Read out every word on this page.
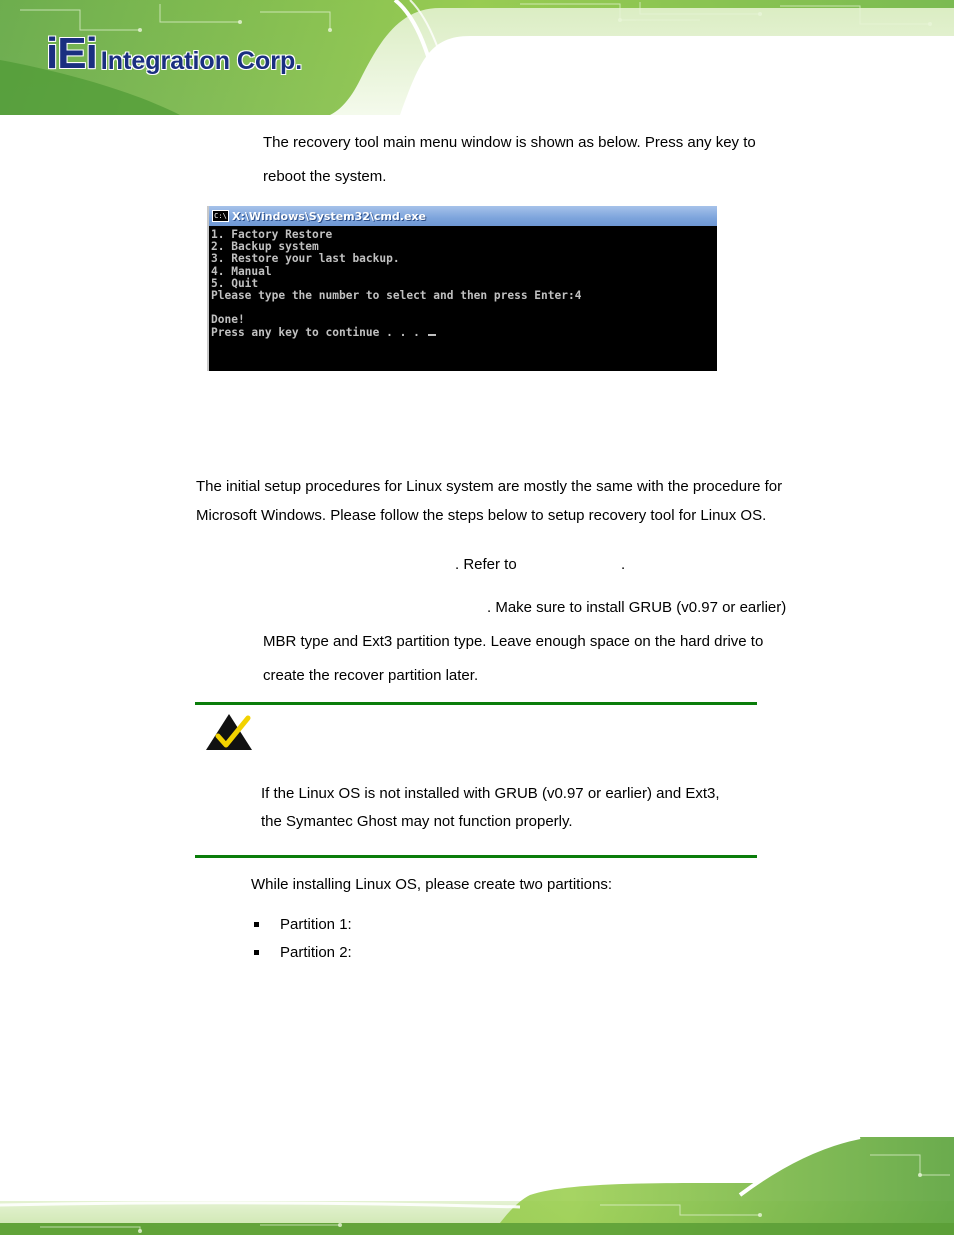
iEi Integration Corp.
The recovery tool main menu window is shown as below. Press any key to
reboot the system.
C:\ X:\Windows\System32\cmd.exe
1. Factory Restore
2. Backup system
3. Restore your last backup.
4. Manual
5. Quit
Please type the number to select and then press Enter:4
Done!
Press any key to continue . . .
The initial setup procedures for Linux system are mostly the same with the procedure for
Microsoft Windows. Please follow the steps below to setup recovery tool for Linux OS.
. Refer to	.
. Make sure to install GRUB (v0.97 or earlier)
MBR type and Ext3 partition type. Leave enough space on the hard drive to
create the recover partition later.
If the Linux OS is not installed with GRUB (v0.97 or earlier) and Ext3,
the Symantec Ghost may not function properly.
While installing Linux OS, please create two partitions:
Partition 1:
Partition 2:
